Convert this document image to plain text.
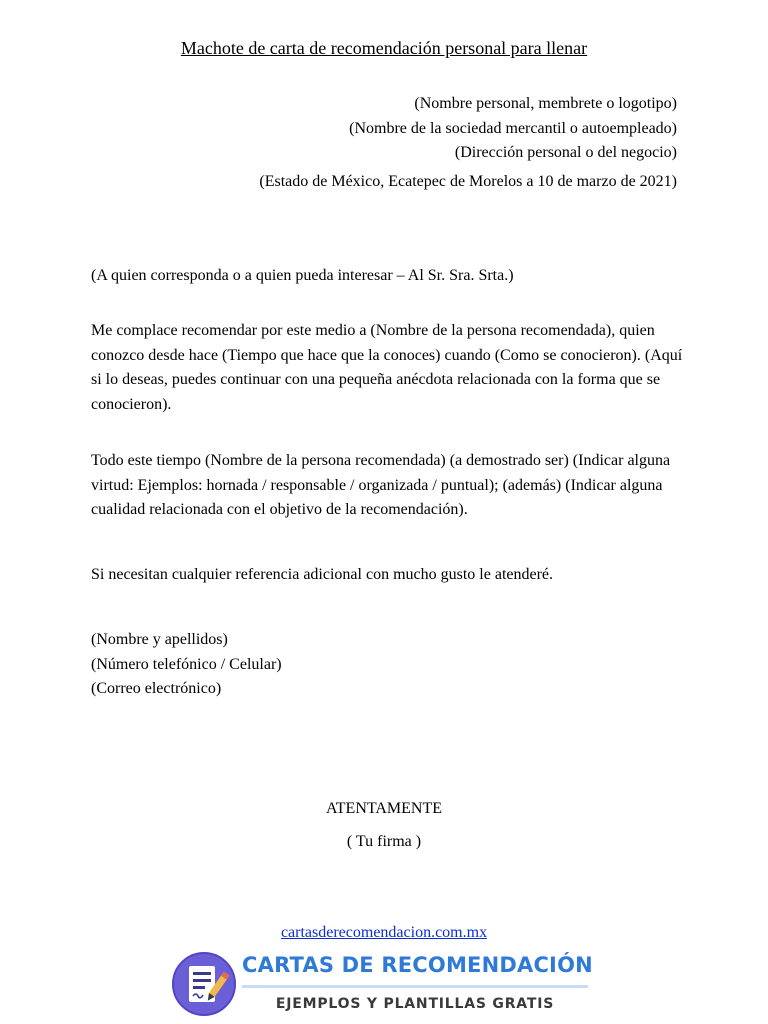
Machote de carta de recomendación personal para llenar
(Nombre personal, membrete o logotipo)
(Nombre de la sociedad mercantil o autoempleado)
(Dirección personal o del negocio)
(Estado de México, Ecatepec de Morelos a 10 de marzo de 2021)
(A quien corresponda o a quien pueda interesar – Al Sr. Sra. Srta.)
Me complace recomendar por este medio a (Nombre de la persona recomendada), quien conozco desde hace (Tiempo que hace que la conoces) cuando (Como se conocieron). (Aquí si lo deseas, puedes continuar con una pequeña anécdota relacionada con la forma que se conocieron).
Todo este tiempo (Nombre de la persona recomendada) (a demostrado ser) (Indicar alguna virtud: Ejemplos: hornada / responsable / organizada / puntual); (además) (Indicar alguna cualidad relacionada con el objetivo de la recomendación).
Si necesitan cualquier referencia adicional con mucho gusto le atenderé.
(Nombre y apellidos)
(Número telefónico / Celular)
(Correo electrónico)
ATENTAMENTE
( Tu firma )
cartasderecomendacion.com.mx
CARTAS DE RECOMENDACIÓN
EJEMPLOS Y PLANTILLAS GRATIS
